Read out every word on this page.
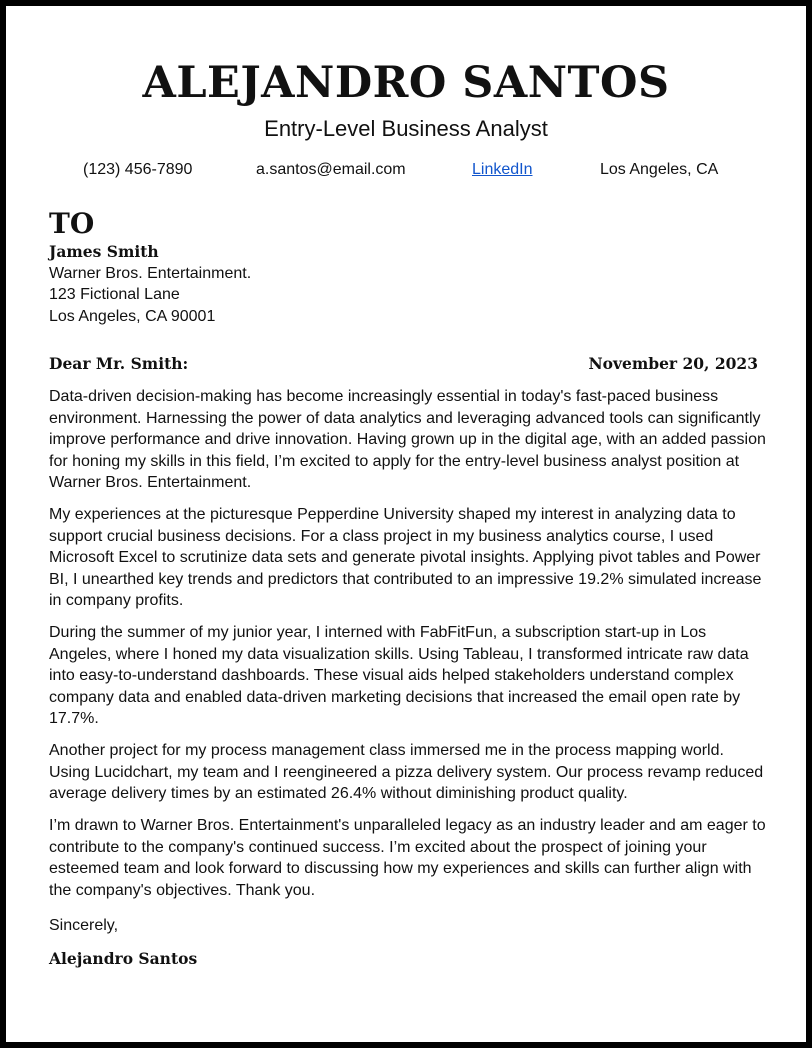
ALEJANDRO SANTOS
Entry-Level Business Analyst
(123) 456-7890	a.santos@email.com	LinkedIn	Los Angeles, CA
TO
James Smith
Warner Bros. Entertainment.
123 Fictional Lane
Los Angeles, CA 90001
Dear Mr. Smith:	November 20, 2023

Data-driven decision-making has become increasingly essential in today's fast-paced business environment. Harnessing the power of data analytics and leveraging advanced tools can significantly improve performance and drive innovation. Having grown up in the digital age, with an added passion for honing my skills in this field, I’m excited to apply for the entry-level business analyst position at Warner Bros. Entertainment.

My experiences at the picturesque Pepperdine University shaped my interest in analyzing data to support crucial business decisions. For a class project in my business analytics course, I used Microsoft Excel to scrutinize data sets and generate pivotal insights. Applying pivot tables and Power BI, I unearthed key trends and predictors that contributed to an impressive 19.2% simulated increase in company profits.

During the summer of my junior year, I interned with FabFitFun, a subscription start-up in Los Angeles, where I honed my data visualization skills. Using Tableau, I transformed intricate raw data into easy-to-understand dashboards. These visual aids helped stakeholders understand complex company data and enabled data-driven marketing decisions that increased the email open rate by 17.7%.

Another project for my process management class immersed me in the process mapping world. Using Lucidchart, my team and I reengineered a pizza delivery system. Our process revamp reduced average delivery times by an estimated 26.4% without diminishing product quality.

I’m drawn to Warner Bros. Entertainment's unparalleled legacy as an industry leader and am eager to contribute to the company's continued success. I’m excited about the prospect of joining your esteemed team and look forward to discussing how my experiences and skills can further align with the company's objectives. Thank you.

Sincerely,
Alejandro Santos
